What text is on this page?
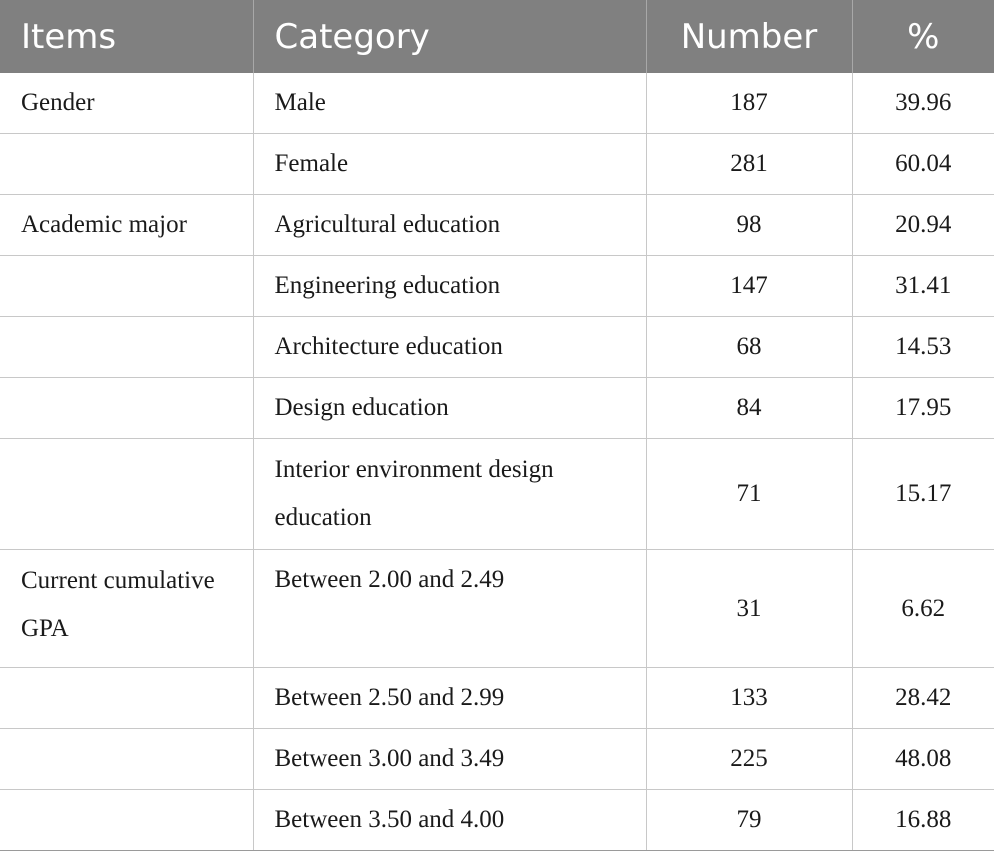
Items	Category	Number	%
Gender	Male	187	39.96
	Female	281	60.04
Academic major	Agricultural education	98	20.94
	Engineering education	147	31.41
	Architecture education	68	14.53
	Design education	84	17.95
	Interior environment design education	71	15.17
Current cumulative GPA	Between 2.00 and 2.49	31	6.62
	Between 2.50 and 2.99	133	28.42
	Between 3.00 and 3.49	225	48.08
	Between 3.50 and 4.00	79	16.88
